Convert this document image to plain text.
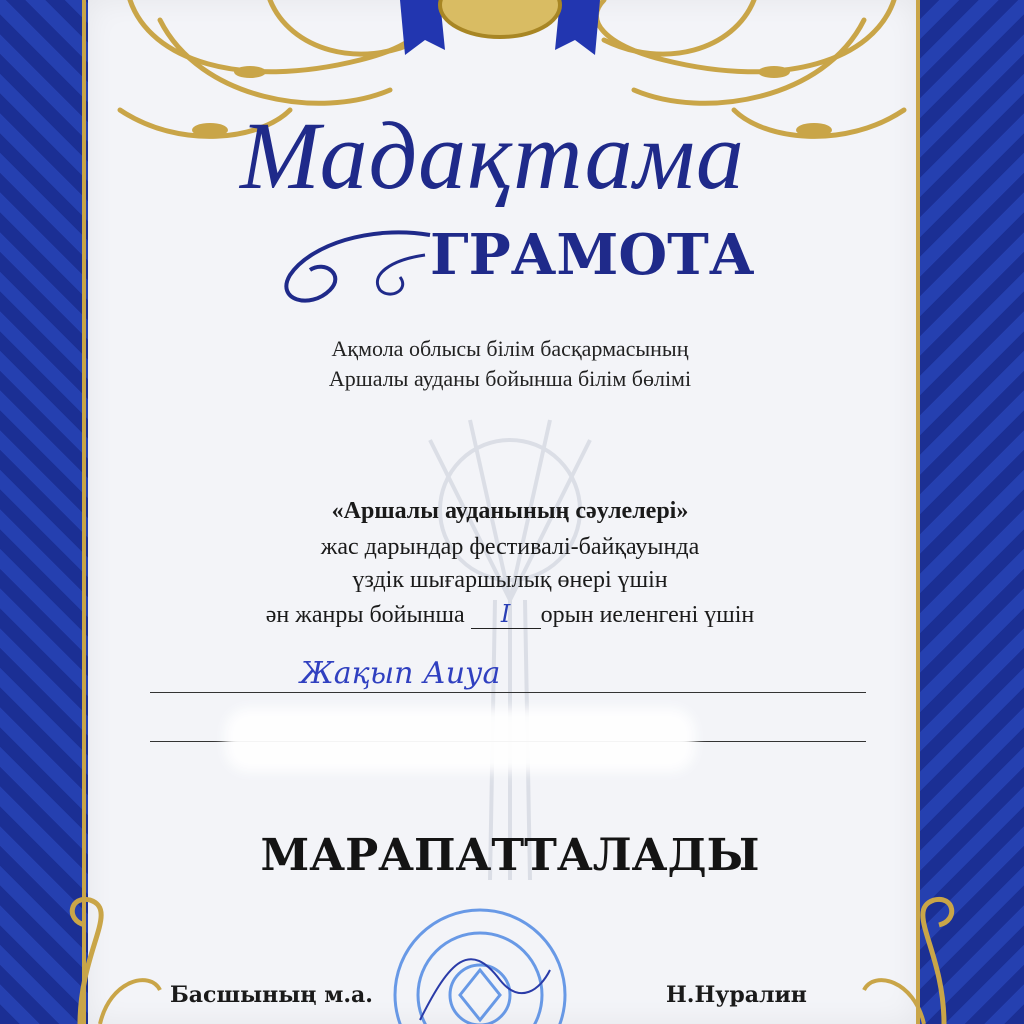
Мадақтама
ГРАМОТА
Ақмола облысы білім басқармасының
Аршалы ауданы бойынша білім бөлімі
«Аршалы ауданының сәулелері»
жас дарындар фестивалі-байқауында
үздік шығаршылық өнері үшін
ән жанры бойынша I орын иеленгені үшін
Жақып Аиуа
МАРАПАТТАЛАДЫ
Басшының м.а.	Н.Нуралин
